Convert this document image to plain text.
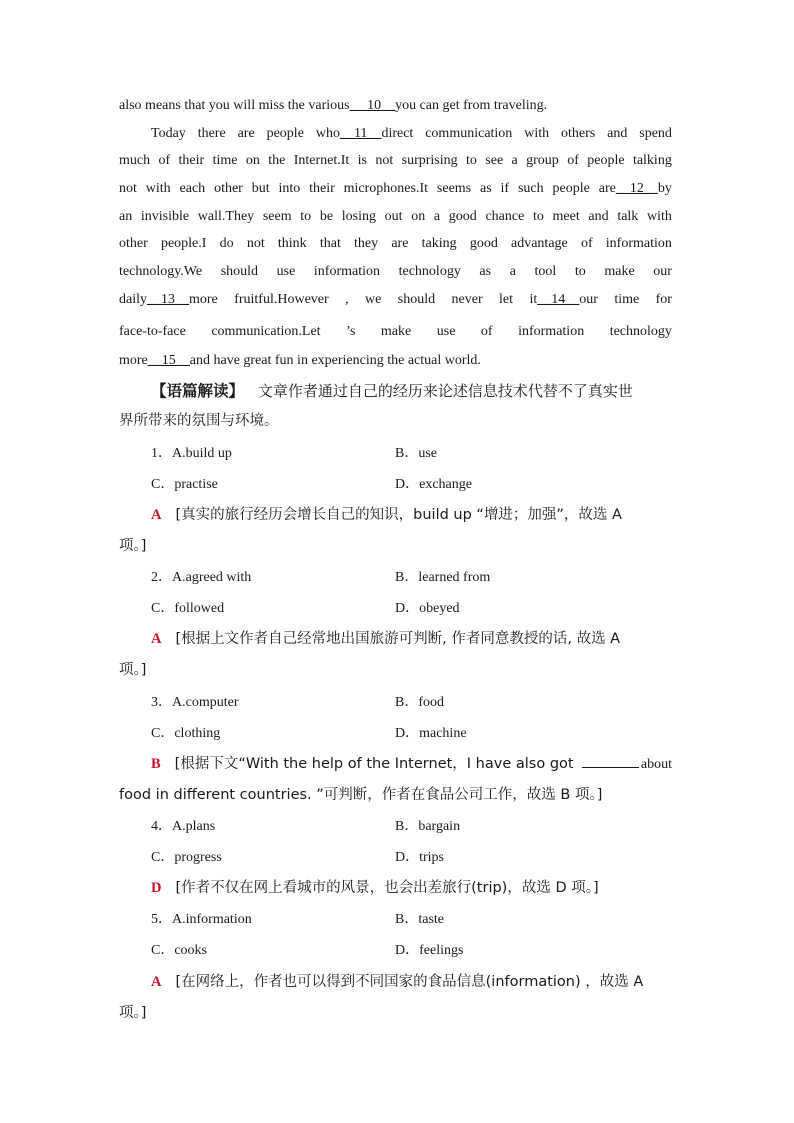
also means that you will miss the various__ 10__you can get from traveling.
Today there are people who__11__direct communication with others and spend
much of their time on the Internet.It is not surprising to see a group of people talking
not with each other but into their microphones.It seems as if such people are__12__by
an invisible wall.They seem to be losing out on a good chance to meet and talk with
other people.I do not think that they are taking good advantage of information
technology.We should use information technology as a tool to make our
daily__13__more fruitful.However , we should never let it__14__our time for
face-to-face communication.Let ’s make use of information technology
more__15__and have great fun in experiencing the actual world.
【语篇解读】 文章作者通过自己的经历来论述信息技术代替不了真实世
界所带来的氛围与环境。
1．A.build up	B．use
C．practise	D．exchange
A [真实的旅行经历会增长自己的知识，build up “增进；加强”，故选 A
项。]
2．A.agreed with	B．learned from
C．followed	D．obeyed
A [根据上文作者自己经常地出国旅游可判断, 作者同意教授的话, 故选 A
项。]
3．A.computer	B．food
C．clothing	D．machine
B [根据下文“With the help of the Internet，I have also got	about
food in different countries. ”可判断，作者在食品公司工作，故选 B 项。]
4．A.plans	B．bargain
C．progress	D．trips
D [作者不仅在网上看城市的风景，也会出差旅行(trip)，故选 D 项。]
5．A.information	B．taste
C．cooks	D．feelings
A [在网络上，作者也可以得到不同国家的食品信息(information) ，故选 A
项。]
